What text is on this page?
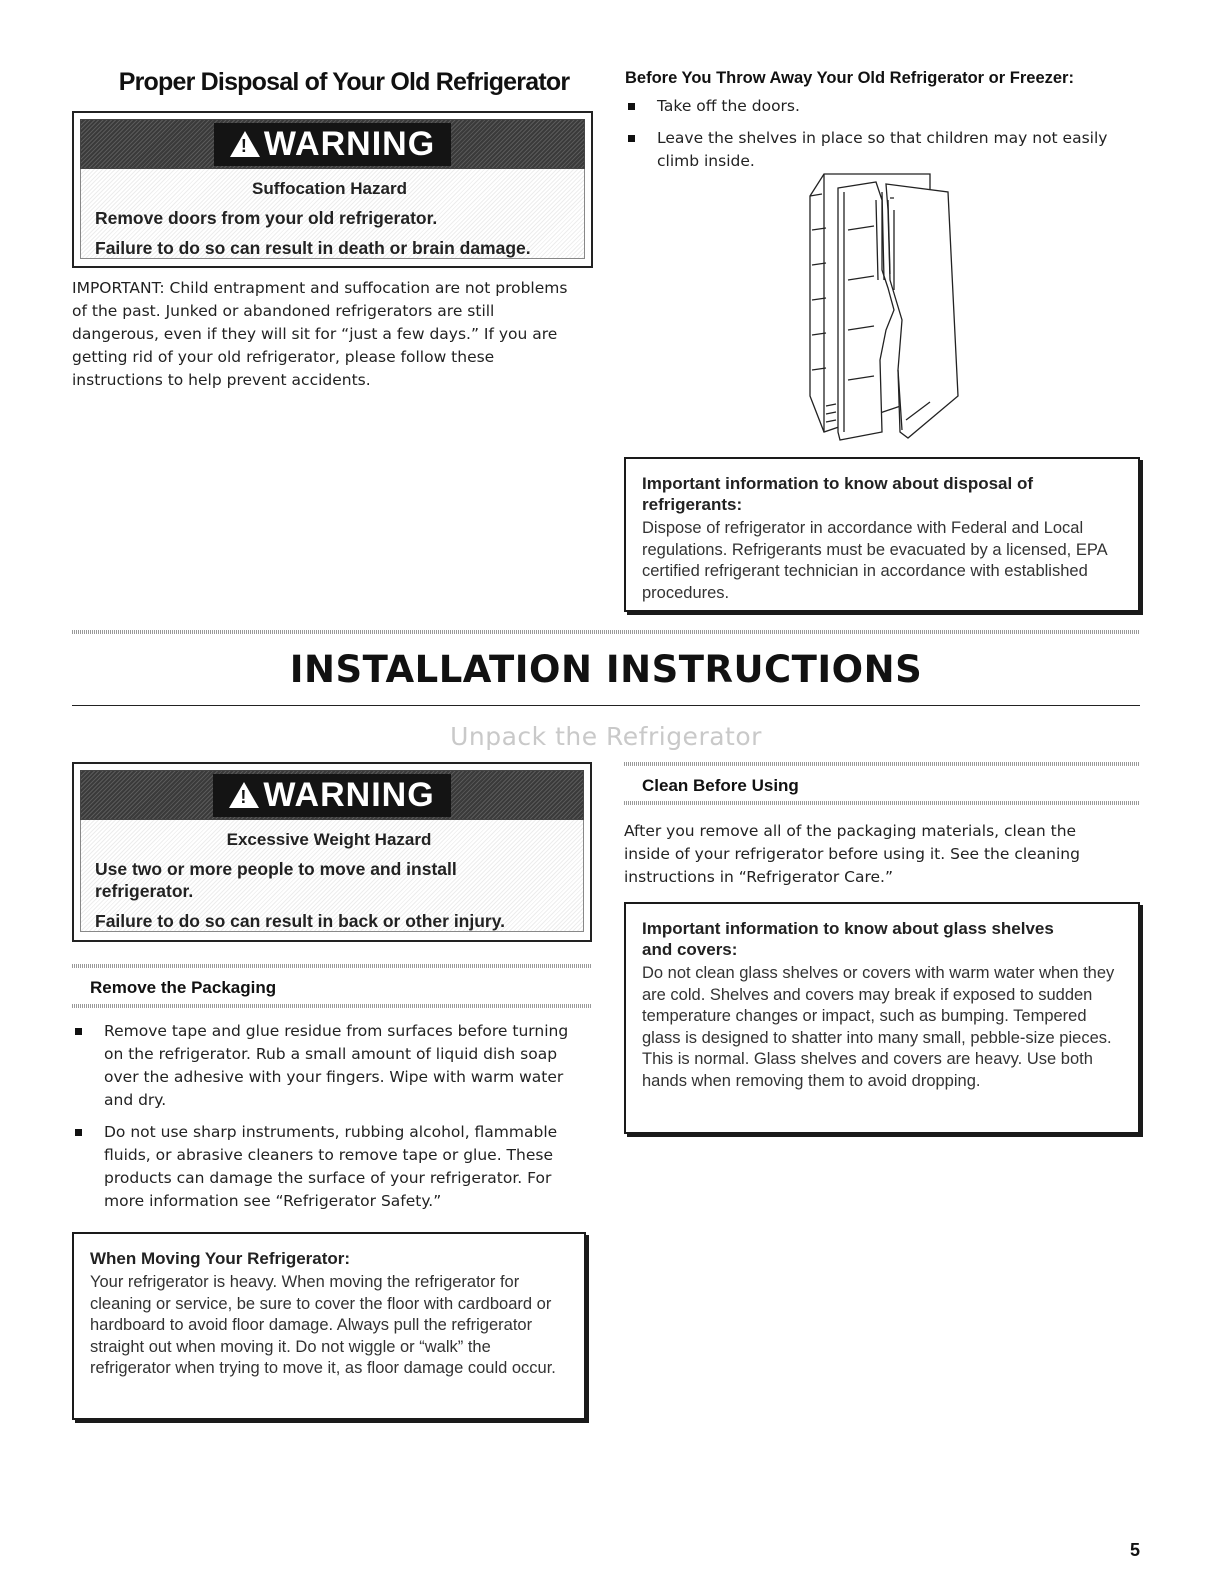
Proper Disposal of Your Old Refrigerator
! WARNING
Suffocation Hazard
Remove doors from your old refrigerator.
Failure to do so can result in death or brain damage.
IMPORTANT: Child entrapment and suffocation are not problems of the past. Junked or abandoned refrigerators are still dangerous, even if they will sit for “just a few days.” If you are getting rid of your old refrigerator, please follow these instructions to help prevent accidents.
Before You Throw Away Your Old Refrigerator or Freezer:
Take off the doors.
Leave the shelves in place so that children may not easily climb inside.
Important information to know about disposal of refrigerants:
Dispose of refrigerator in accordance with Federal and Local regulations. Refrigerants must be evacuated by a licensed, EPA certified refrigerant technician in accordance with established procedures.
INSTALLATION INSTRUCTIONS
Unpack the Refrigerator
! WARNING
Excessive Weight Hazard
Use two or more people to move and install refrigerator.
Failure to do so can result in back or other injury.
Remove the Packaging
Remove tape and glue residue from surfaces before turning on the refrigerator. Rub a small amount of liquid dish soap over the adhesive with your fingers. Wipe with warm water and dry.
Do not use sharp instruments, rubbing alcohol, flammable fluids, or abrasive cleaners to remove tape or glue. These products can damage the surface of your refrigerator. For more information see “Refrigerator Safety.”
When Moving Your Refrigerator:
Your refrigerator is heavy. When moving the refrigerator for cleaning or service, be sure to cover the floor with cardboard or hardboard to avoid floor damage. Always pull the refrigerator straight out when moving it. Do not wiggle or “walk” the refrigerator when trying to move it, as floor damage could occur.
Clean Before Using
After you remove all of the packaging materials, clean the inside of your refrigerator before using it. See the cleaning instructions in “Refrigerator Care.”
Important information to know about glass shelves and covers:
Do not clean glass shelves or covers with warm water when they are cold. Shelves and covers may break if exposed to sudden temperature changes or impact, such as bumping. Tempered glass is designed to shatter into many small, pebble-size pieces. This is normal. Glass shelves and covers are heavy. Use both hands when removing them to avoid dropping.
5
